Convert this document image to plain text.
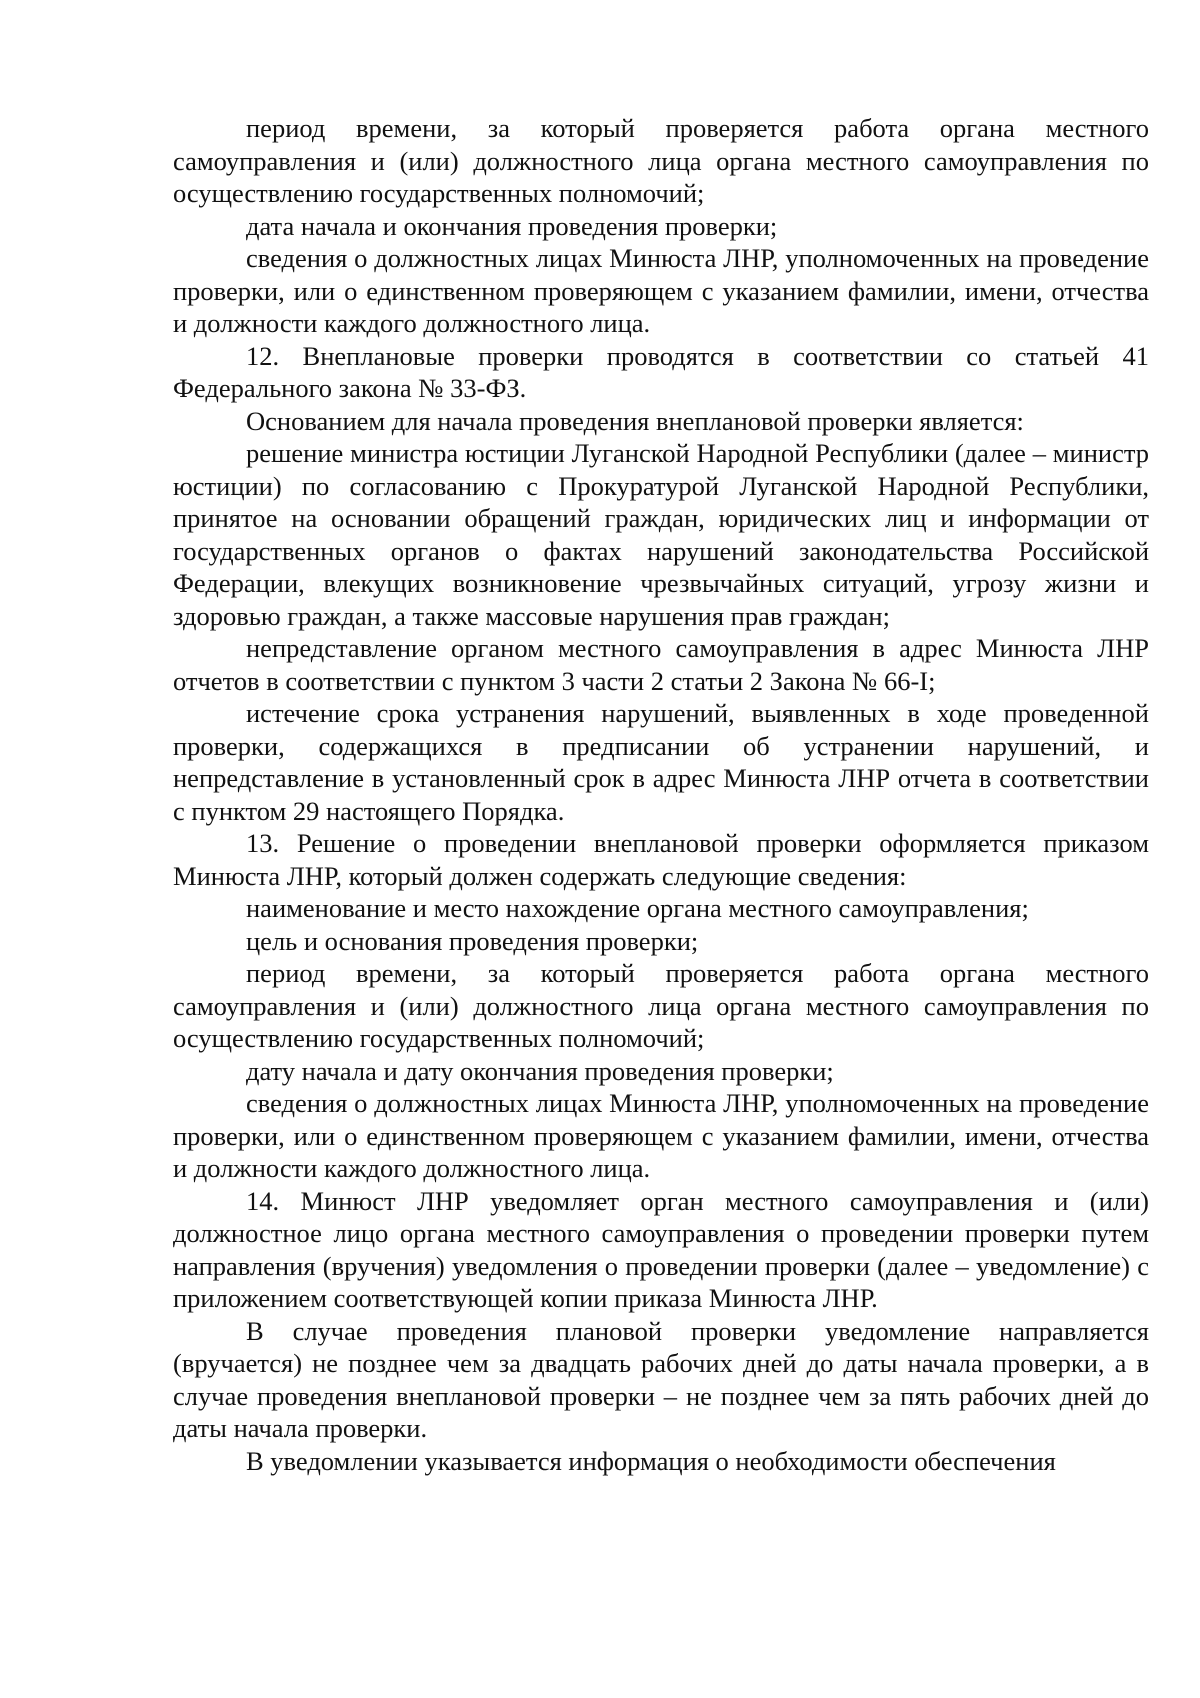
период времени, за который проверяется работа органа местного самоуправления и (или) должностного лица органа местного самоуправления по осуществлению государственных полномочий;

дата начала и окончания проведения проверки;

сведения о должностных лицах Минюста ЛНР, уполномоченных на проведение проверки, или о единственном проверяющем с указанием фамилии, имени, отчества и должности каждого должностного лица.

12. Внеплановые проверки проводятся в соответствии со статьей 41 Федерального закона № 33-ФЗ.

Основанием для начала проведения внеплановой проверки является:

решение министра юстиции Луганской Народной Республики (далее – министр юстиции) по согласованию с Прокуратурой Луганской Народной Республики, принятое на основании обращений граждан, юридических лиц и информации от государственных органов о фактах нарушений законодательства Российской Федерации, влекущих возникновение чрезвычайных ситуаций, угрозу жизни и здоровью граждан, а также массовые нарушения прав граждан;

непредставление органом местного самоуправления в адрес Минюста ЛНР отчетов в соответствии с пунктом 3 части 2 статьи 2 Закона № 66-I;

истечение срока устранения нарушений, выявленных в ходе проведенной проверки, содержащихся в предписании об устранении нарушений, и непредставление в установленный срок в адрес Минюста ЛНР отчета в соответствии с пунктом 29 настоящего Порядка.

13. Решение о проведении внеплановой проверки оформляется приказом Минюста ЛНР, который должен содержать следующие сведения:

наименование и место нахождение органа местного самоуправления;

цель и основания проведения проверки;

период времени, за который проверяется работа органа местного самоуправления и (или) должностного лица органа местного самоуправления по осуществлению государственных полномочий;

дату начала и дату окончания проведения проверки;

сведения о должностных лицах Минюста ЛНР, уполномоченных на проведение проверки, или о единственном проверяющем с указанием фамилии, имени, отчества и должности каждого должностного лица.

14. Минюст ЛНР уведомляет орган местного самоуправления и (или) должностное лицо органа местного самоуправления о проведении проверки путем направления (вручения) уведомления о проведении проверки (далее – уведомление) с приложением соответствующей копии приказа Минюста ЛНР.

В случае проведения плановой проверки уведомление направляется (вручается) не позднее чем за двадцать рабочих дней до даты начала проверки, а в случае проведения внеплановой проверки – не позднее чем за пять рабочих дней до даты начала проверки.

В уведомлении указывается информация о необходимости обеспечения
